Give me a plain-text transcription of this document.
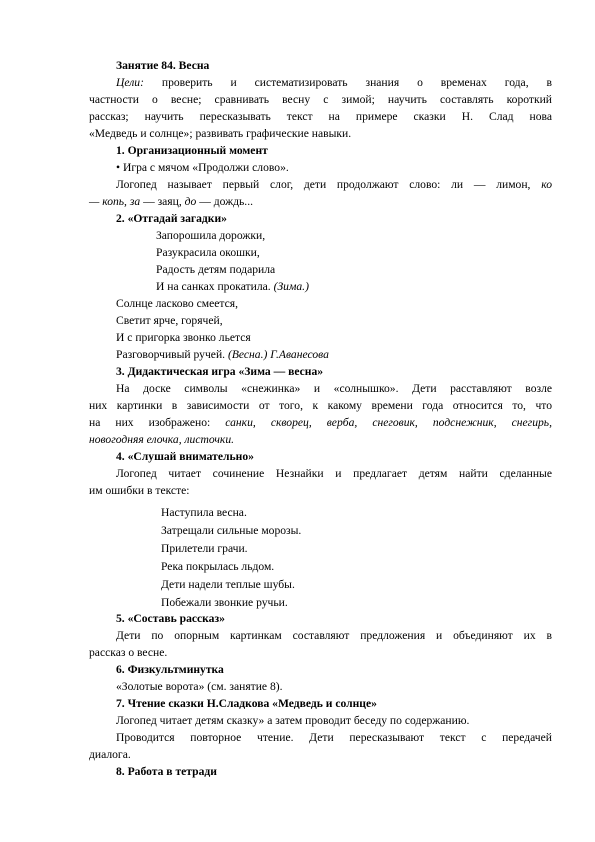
Занятие 84. Весна
Цели: проверить и систематизировать знания о временах года, в
частности о весне; сравнивать весну с зимой; научить составлять короткий
рассказ; научить пересказывать текст на примере сказки Н. Слад нова
«Медведь и солнце»; развивать графические навыки.
1. Организационный момент
• Игра с мячом «Продолжи слово».
Логопед называет первый слог, дети продолжают слово: ли — лимон, ко
— копь, за — заяц, до — дождь...
2. «Отгадай загадки»
Запорошила дорожки,
Разукрасила окошки,
Радость детям подарила
И на санках прокатила. (Зима.)
Солнце ласково смеется,
Светит ярче, горячей,
И с пригорка звонко льется
Разговорчивый ручей. (Весна.) Г.Аванесова
3. Дидактическая игра «Зима — весна»
На доске символы «снежинка» и «солнышко». Дети расставляют возле
них картинки в зависимости от того, к какому времени года относится то, что
на них изображено: санки, скворец, верба, снеговик, подснежник, снегирь,
новогодняя елочка, листочки.
4. «Слушай внимательно»
Логопед читает сочинение Незнайки и предлагает детям найти сделанные
им ошибки в тексте:
Наступила весна.
Затрещали сильные морозы.
Прилетели грачи.
Река покрылась льдом.
Дети надели теплые шубы.
Побежали звонкие ручьи.
5. «Составь рассказ»
Дети по опорным картинкам составляют предложения и объединяют их в
рассказ о весне.
6. Физкультминутка
«Золотые ворота» (см. занятие 8).
7. Чтение сказки Н.Сладкова «Медведь и солнце»
Логопед читает детям сказку» а затем проводит беседу по содержанию.
Проводится повторное чтение. Дети пересказывают текст с передачей
диалога.
8. Работа в тетради
